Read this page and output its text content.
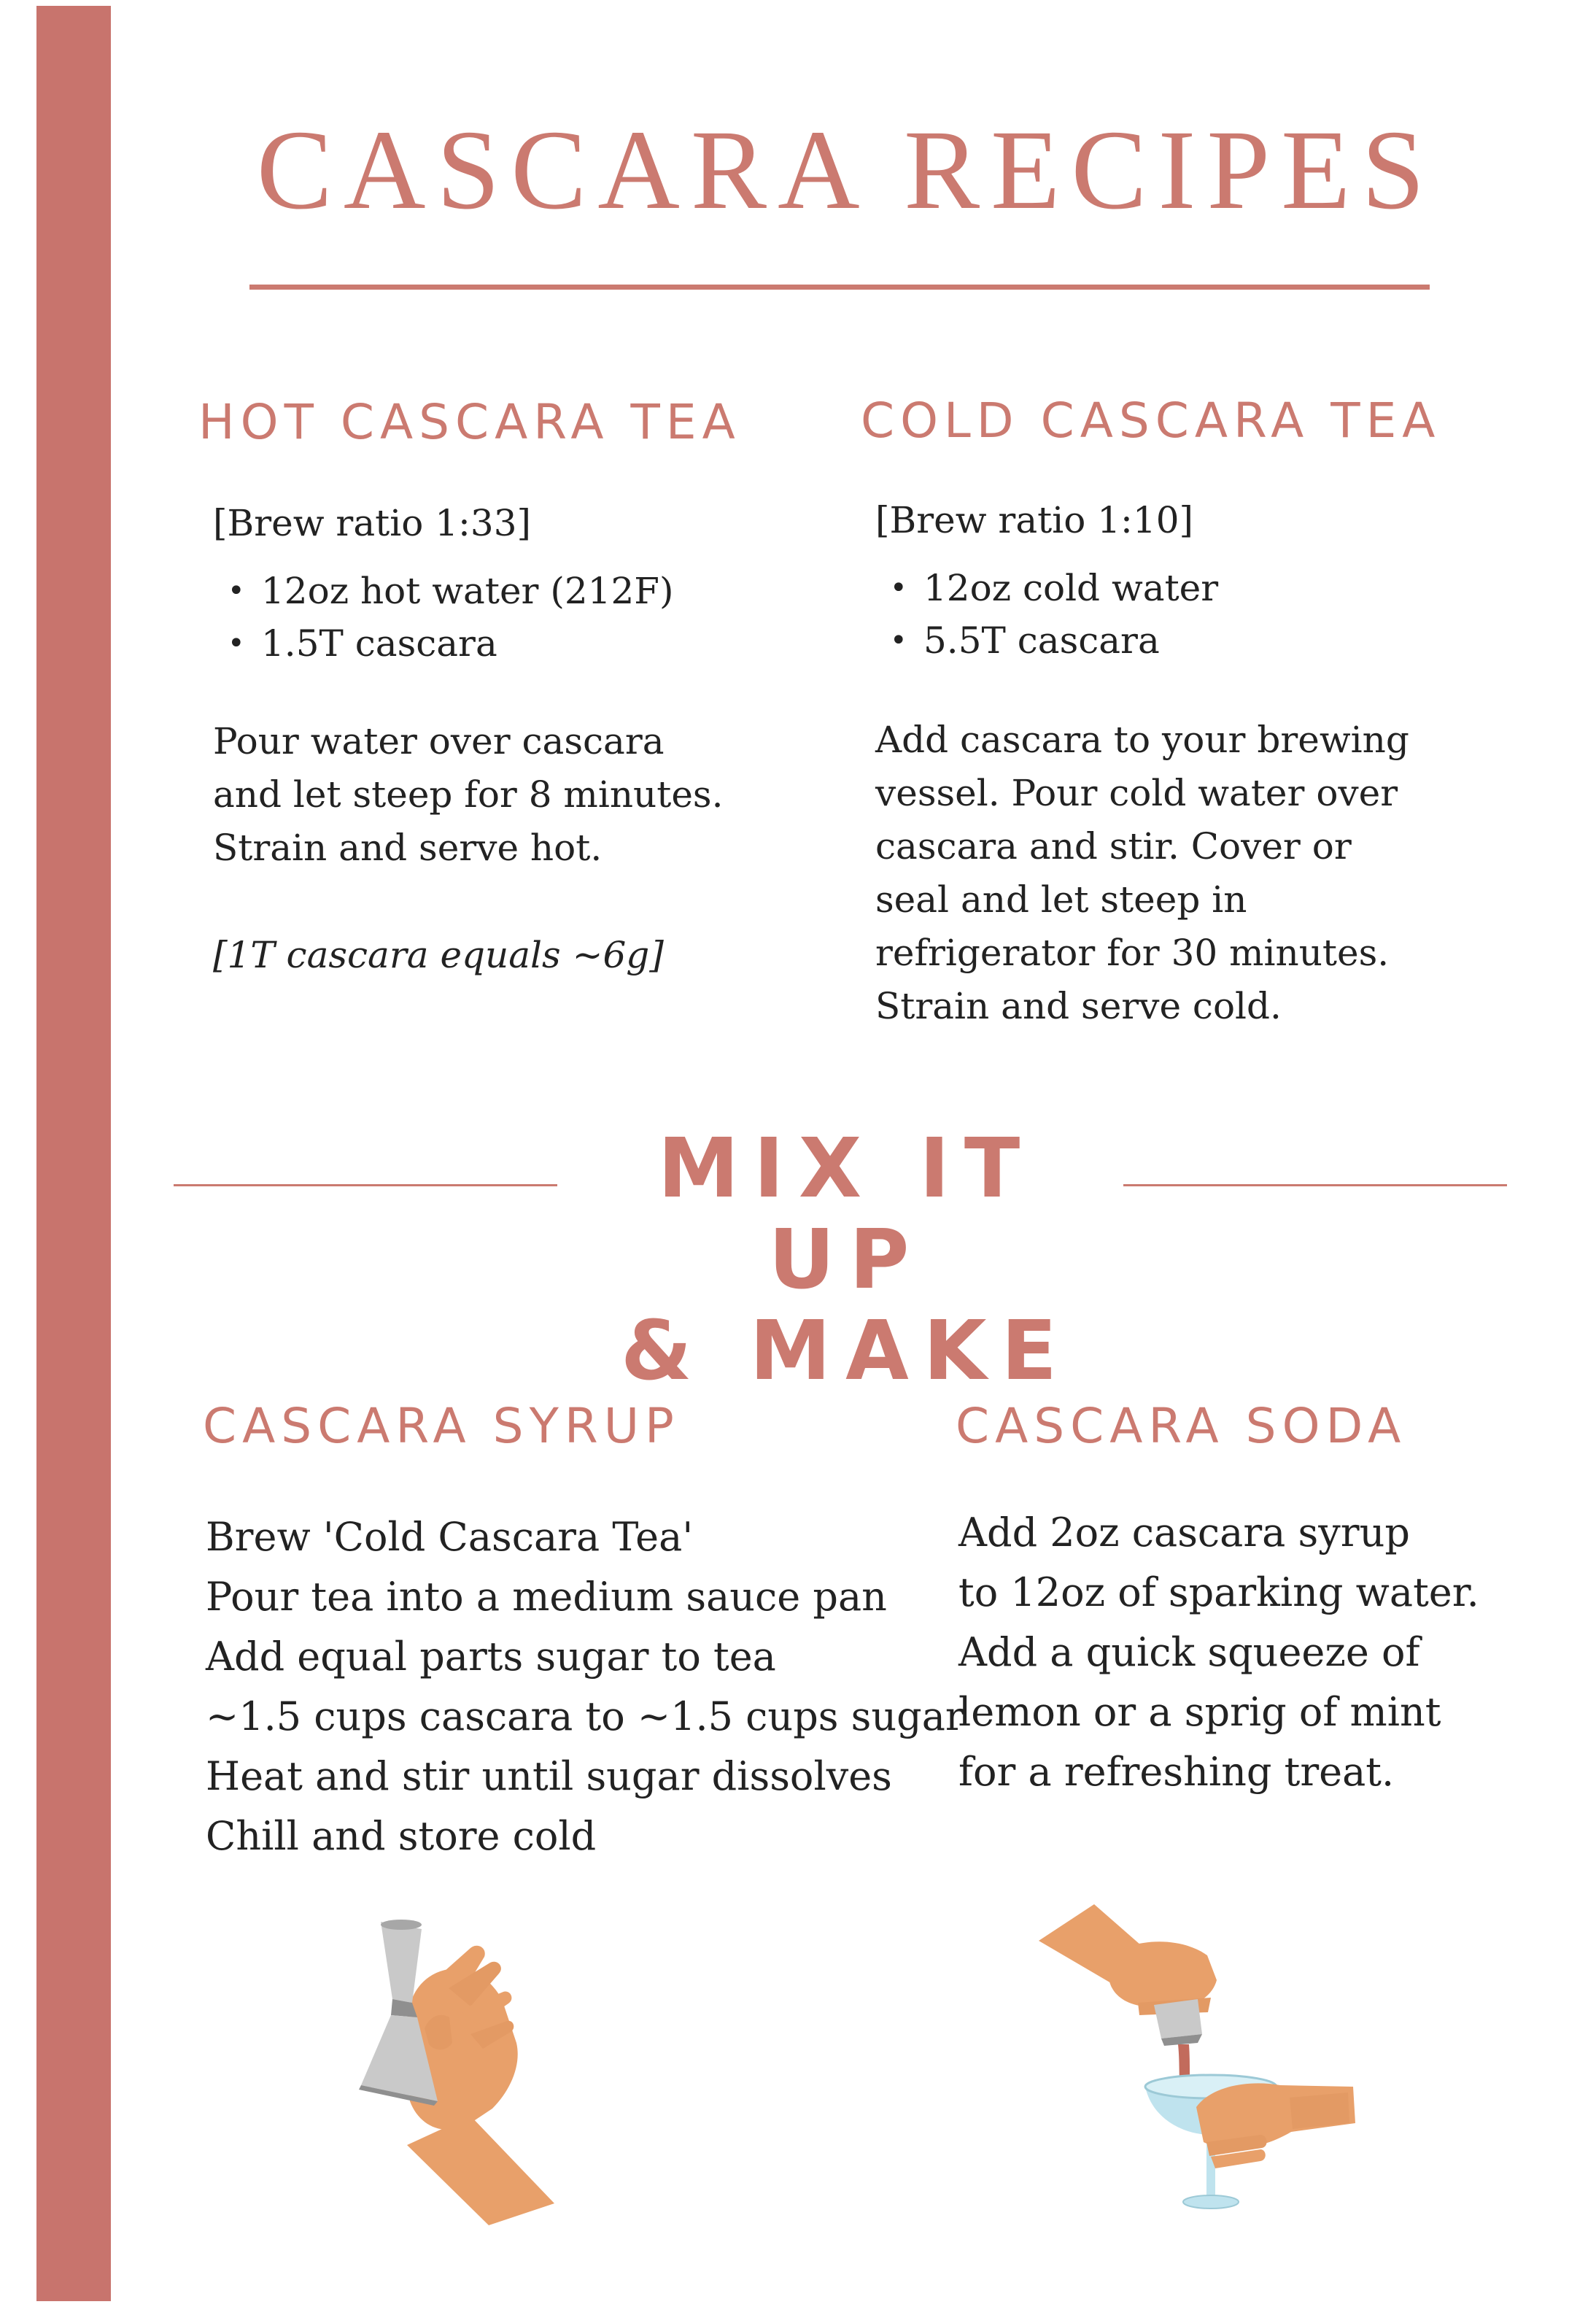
CASCARA RECIPES
HOT CASCARA TEA
[Brew ratio 1:33]
• 12oz hot water (212F)
• 1.5T cascara
Pour water over cascara
and let steep for 8 minutes.
Strain and serve hot.
[1T cascara equals ~6g]
COLD CASCARA TEA
[Brew ratio 1:10]
• 12oz cold water
• 5.5T cascara
Add cascara to your brewing
vessel. Pour cold water over
cascara and stir. Cover or
seal and let steep in
refrigerator for 30 minutes.
Strain and serve cold.
MIX IT UP
& MAKE
CASCARA SYRUP
Brew 'Cold Cascara Tea'
Pour tea into a medium sauce pan
Add equal parts sugar to tea
~1.5 cups cascara to ~1.5 cups sugar
Heat and stir until sugar dissolves
Chill and store cold
CASCARA SODA
Add 2oz cascara syrup
to 12oz of sparking water.
Add a quick squeeze of
lemon or a sprig of mint
for a refreshing treat.
